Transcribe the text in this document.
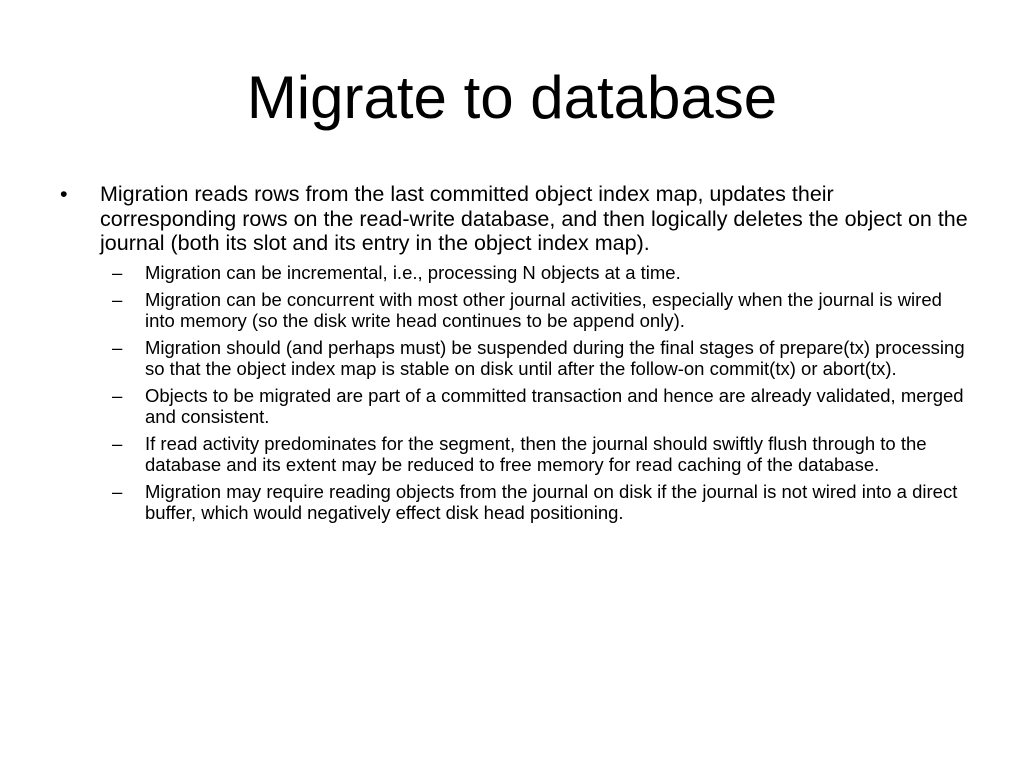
Migrate to database
• Migration reads rows from the last committed object index map, updates their corresponding rows on the read-write database, and then logically deletes the object on the journal (both its slot and its entry in the object index map).
– Migration can be incremental, i.e., processing N objects at a time.
– Migration can be concurrent with most other journal activities, especially when the journal is wired into memory (so the disk write head continues to be append only).
– Migration should (and perhaps must) be suspended during the final stages of prepare(tx) processing so that the object index map is stable on disk until after the follow-on commit(tx) or abort(tx).
– Objects to be migrated are part of a committed transaction and hence are already validated, merged and consistent.
– If read activity predominates for the segment, then the journal should swiftly flush through to the database and its extent may be reduced to free memory for read caching of the database.
– Migration may require reading objects from the journal on disk if the journal is not wired into a direct buffer, which would negatively effect disk head positioning.
